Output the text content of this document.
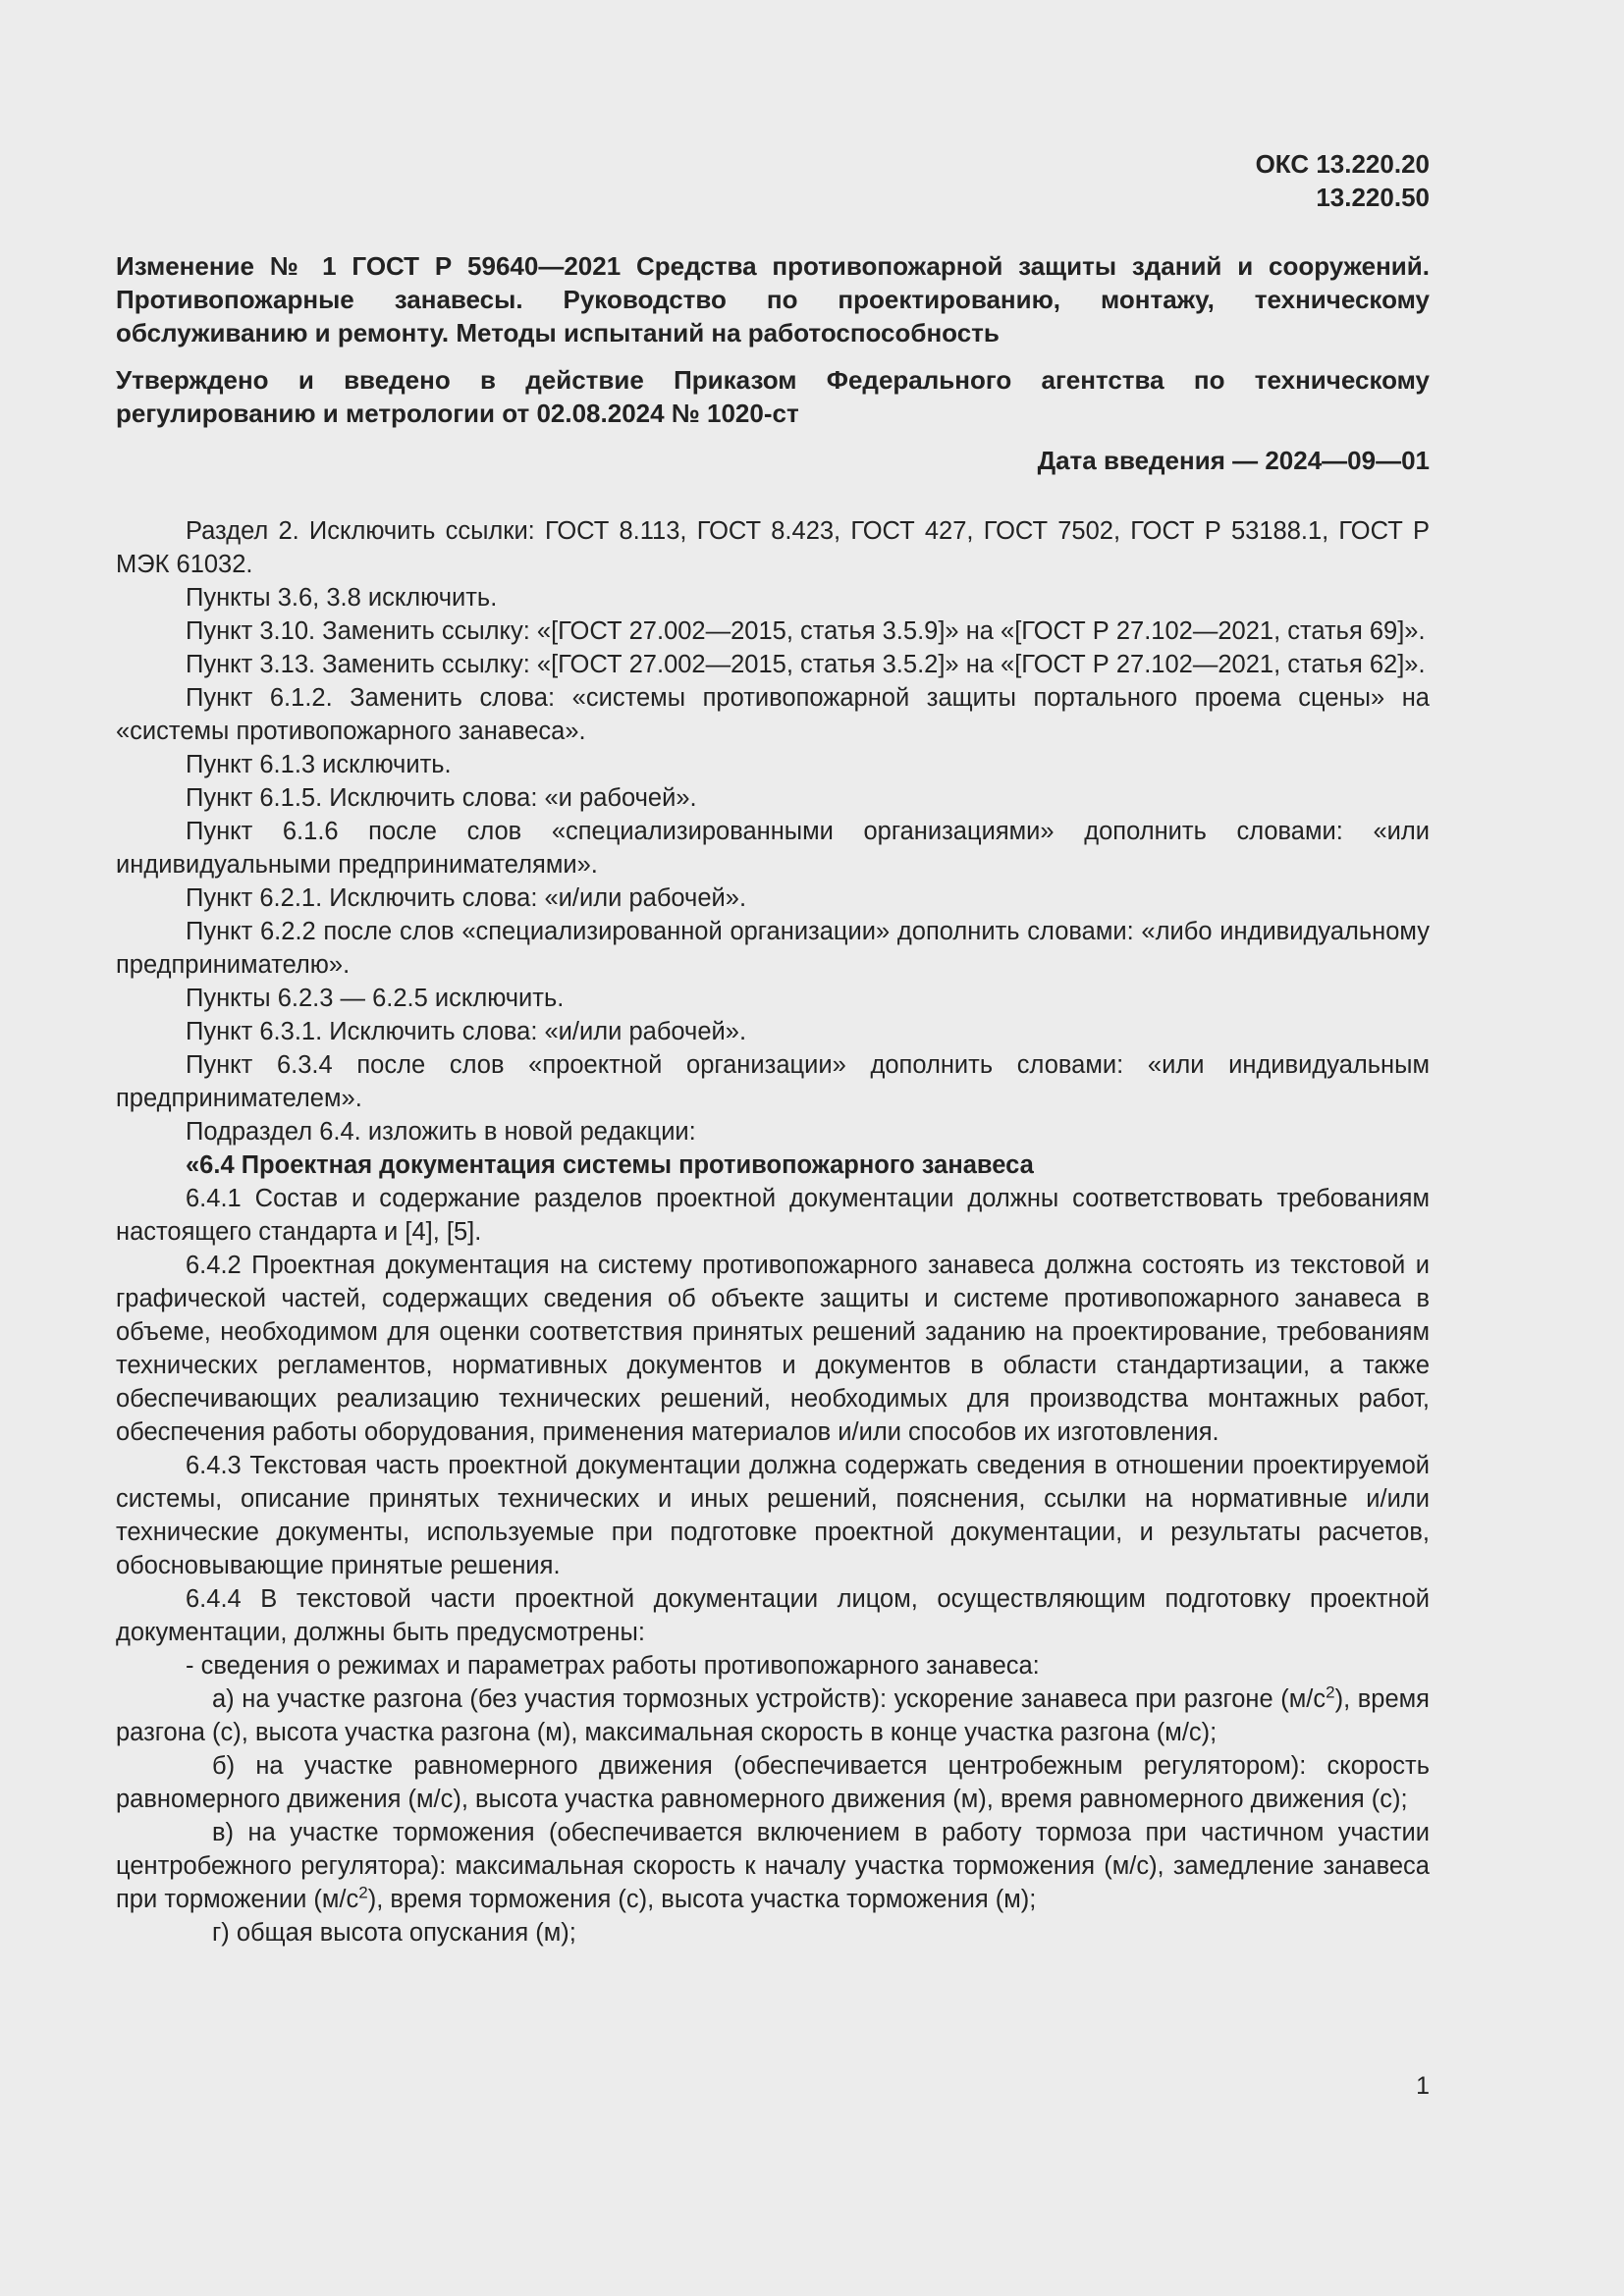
ОКС 13.220.20

13.220.50

Изменение № 1 ГОСТ Р 59640—2021 Средства противопожарной защиты зданий и сооружений. Противопожарные занавесы. Руководство по проектированию, монтажу, техническому обслуживанию и ремонту. Методы испытаний на работоспособность
Утверждено и введено в действие Приказом Федерального агентства по техническому регулированию и метрологии от 02.08.2024 № 1020-ст
Дата введения — 2024—09—01

Раздел 2. Исключить ссылки: ГОСТ 8.113, ГОСТ 8.423, ГОСТ 427, ГОСТ 7502, ГОСТ Р 53188.1, ГОСТ Р МЭК 61032.

Пункты 3.6, 3.8 исключить.

Пункт 3.10. Заменить ссылку: «[ГОСТ 27.002—2015, статья 3.5.9]» на «[ГОСТ Р 27.102—2021, статья 69]».

Пункт 3.13. Заменить ссылку: «[ГОСТ 27.002—2015, статья 3.5.2]» на «[ГОСТ Р 27.102—2021, статья 62]».

Пункт 6.1.2. Заменить слова: «системы противопожарной защиты портального проема сцены» на «системы противопожарного занавеса».

Пункт 6.1.3 исключить.

Пункт 6.1.5. Исключить слова: «и рабочей».

Пункт 6.1.6 после слов «специализированными организациями» дополнить словами: «или индивидуальными предпринимателями».

Пункт 6.2.1. Исключить слова: «и/или рабочей».

Пункт 6.2.2 после слов «специализированной организации» дополнить словами: «либо индивидуальному предпринимателю».

Пункты 6.2.3 — 6.2.5 исключить.

Пункт 6.3.1. Исключить слова: «и/или рабочей».

Пункт 6.3.4 после слов «проектной организации» дополнить словами: «или индивидуальным предпринимателем».

Подраздел 6.4. изложить в новой редакции:

«6.4 Проектная документация системы противопожарного занавеса

6.4.1 Состав и содержание разделов проектной документации должны соответствовать требованиям настоящего стандарта и [4], [5].

6.4.2 Проектная документация на систему противопожарного занавеса должна состоять из текстовой и графической частей, содержащих сведения об объекте защиты и системе противопожарного занавеса в объеме, необходимом для оценки соответствия принятых решений заданию на проектирование, требованиям технических регламентов, нормативных документов и документов в области стандартизации, а также обеспечивающих реализацию технических решений, необходимых для производства монтажных работ, обеспечения работы оборудования, применения материалов и/или способов их изготовления.

6.4.3 Текстовая часть проектной документации должна содержать сведения в отношении проектируемой системы, описание принятых технических и иных решений, пояснения, ссылки на нормативные и/или технические документы, используемые при подготовке проектной документации, и результаты расчетов, обосновывающие принятые решения.

6.4.4 В текстовой части проектной документации лицом, осуществляющим подготовку проектной документации, должны быть предусмотрены:

- сведения о режимах и параметрах работы противопожарного занавеса:

а) на участке разгона (без участия тормозных устройств): ускорение занавеса при разгоне $(м/с^2)$, время разгона (с), высота участка разгона (м), максимальная скорость в конце участка разгона (м/с);

б) на участке равномерного движения (обеспечивается центробежным регулятором): скорость равномерного движения (м/с), высота участка равномерного движения (м), время равномерного движения (с);

в) на участке торможения (обеспечивается включением в работу тормоза при частичном участии центробежного регулятора): максимальная скорость к началу участка торможения (м/с), замедление занавеса при торможении $(м/с^2)$, время торможения (с), высота участка торможения (м);

г) общая высота опускания (м);

1
